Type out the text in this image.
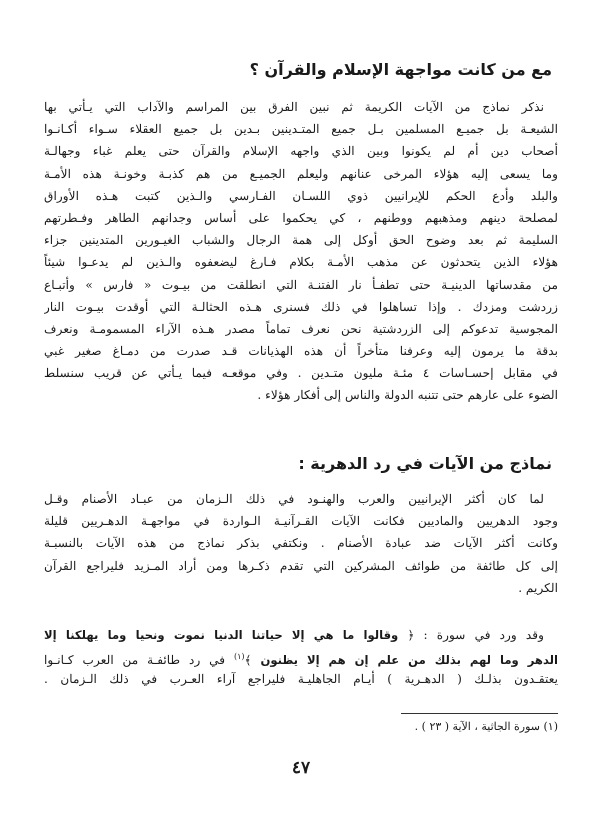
مع من كانت مواجهة الإسلام والقرآن ؟
نذكر نماذج من الآيات الكريمة ثم نبين الفرق بين المراسم والآداب التي يـأتي بها
الشيعـة بل جميـع المسلمين بـل جميع المتـدينين بـدين بل جميع العقلاء سـواء أكـانـوا
أصحاب دين أم لم يكونوا وبين الذي واجهه الإسلام والقرآن حتى يعلم غباء وجهالـة
وما يسعى إليه هؤلاء المرخى عنانهم وليعلم الجميـع من هم كذبـة وخونـة هذه الأمـة
والبلد وأدع الحكم للإيرانيين ذوي اللسـان الفـارسي والـذين كتبت هـذه الأوراق
لمصلحة دينهم ومذهبهم ووطنهم ، كي يحكموا على أساس وجدانهم الطاهر وفـطرتهم
السليمة ثم بعد وضوح الحق أوكل إلى همة الرجال والشباب الغيـورين المتدينين جزاء
هؤلاء الذين يتحدثون عن مذهب الأمـة بكلام فـارغ ليضعفوه والـذين لم يدعـوا شيئاً
من مقدساتها الدينيـة حتى تطفـأ نار الفتنـة التي انطلقت من بيـوت « فارس » وأتبـاع
زردشت ومزدك . وإذا تساهلوا في ذلك فسنرى هـذه الحثالـة التي أوقدت بيـوت النار
المجوسية تدعوكم إلى الزردشتية نحن نعرف تماماً مصدر هـذه الآراء المسمومـة ونعرف
بدقة ما يرمون إليه وعرفنا متأخراً أن هذه الهذيانات قـد صدرت من دمـاغ صغير غبي
في مقابل إحسـاسات ٤ مئـة مليون متـدين . وفي موقعـه فيما يـأتي عن قريب سنسلط
الضوء على عارهم حتى تتنبه الدولة والناس إلى أفكار هؤلاء .
نماذج من الآيات في رد الدهرية :
لما كان أكثر الإيرانيين والعرب والهنـود في ذلك الـزمان من عبـاد الأصنام وقـل
وجود الدهريين والماديين فكانت الآيات القـرآنيـة الـواردة في مواجهـة الدهـريين قليلة
وكانت أكثر الآيات ضد عبادة الأصنام . ونكتفي بذكر نماذج من هذه الآيات بالنسبـة
إلى كل طائفة من طوائف المشركين التي تقدم ذكـرها ومن أراد المـزيد فليراجع القرآن
الكريم .
وقد ورد في سورة : ﴿ وقالوا ما هي إلا حياتنا الدنيا نموت ونحيا وما يهلكنا إلا
الدهر وما لهم بذلك من علم إن هم إلا يظنون ﴾$^{(١)}$ في رد طائفـة من العرب كـانـوا
يعتقـدون بذلـك ( الدهـرية ) أيـام الجاهليـة فليراجع آراء العـرب في ذلك الـزمان .
(١) سورة الجاثية ، الآية ( ٢٣ ) .
٤٧
